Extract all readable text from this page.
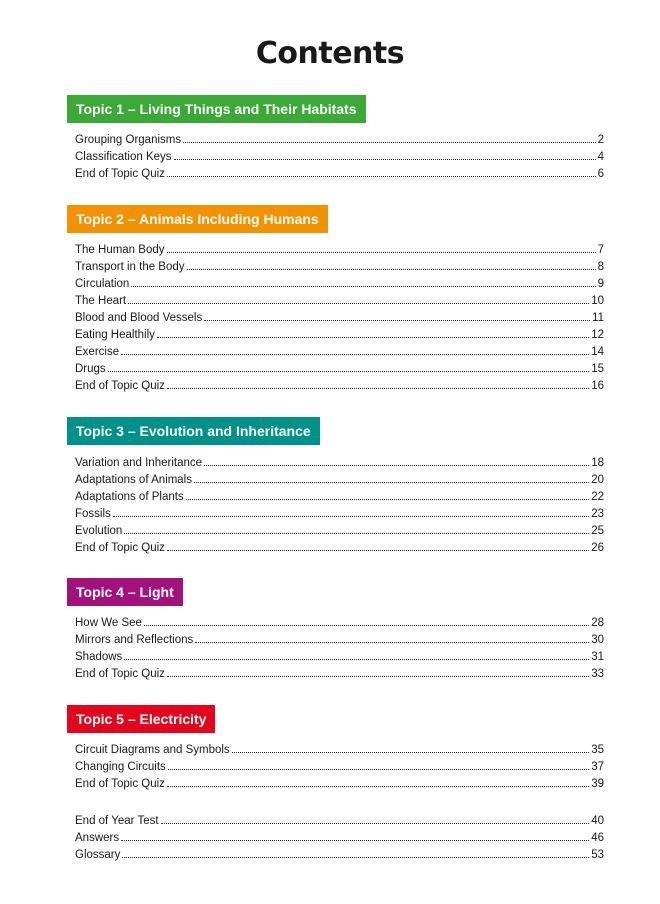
Contents
Topic 1 – Living Things and Their Habitats
Grouping Organisms	2
Classification Keys	4
End of Topic Quiz	6
Topic 2 – Animals Including Humans
The Human Body	7
Transport in the Body	8
Circulation	9
The Heart	10
Blood and Blood Vessels	11
Eating Healthily	12
Exercise	14
Drugs	15
End of Topic Quiz	16
Topic 3 – Evolution and Inheritance
Variation and Inheritance	18
Adaptations of Animals	20
Adaptations of Plants	22
Fossils	23
Evolution	25
End of Topic Quiz	26
Topic 4 – Light
How We See	28
Mirrors and Reflections	30
Shadows	31
End of Topic Quiz	33
Topic 5 – Electricity
Circuit Diagrams and Symbols	35
Changing Circuits	37
End of Topic Quiz	39
End of Year Test	40
Answers	46
Glossary	53
